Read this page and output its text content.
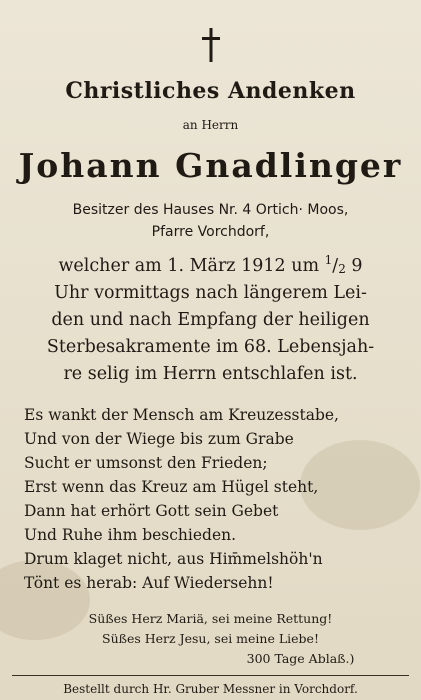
Christliches Andenken
an Herrn
Johann Gnadlinger
Besitzer des Hauses Nr. 4 Ortich· Moos,
Pfarre Vorchdorf,
welcher am 1. März 1912 um $^1$/2 9
Uhr vormittags nach längerem Lei-
den und nach Empfang der heiligen
Sterbesakramente im 68. Lebensjah-
re selig im Herrn entschlafen ist.
Es wankt der Mensch am Kreuzesstabe,
Und von der Wiege bis zum Grabe
Sucht er umsonst den Frieden;
Erst wenn das Kreuz am Hügel steht,
Dann hat erhört Gott sein Gebet
Und Ruhe ihm beschieden.
Drum klaget nicht, aus Him̄melshöh'n
Tönt es herab: Auf Wiedersehn!
Süßes Herz Mariä, sei meine Rettung!
Süßes Herz Jesu, sei meine Liebe!
300 Tage Ablaß.)
Bestellt durch Hr. Gruber Messner in Vorchdorf.
